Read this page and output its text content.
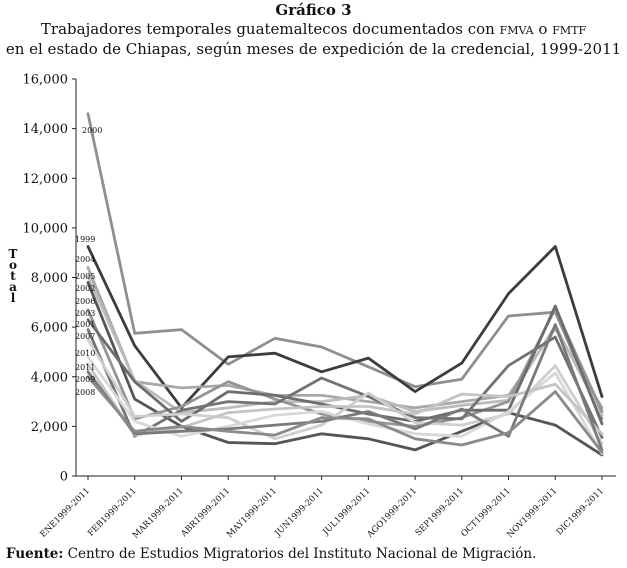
Gráfico 3
Trabajadores temporales guatemaltecos documentados con fmva o fmtf
en el estado de Chiapas, según meses de expedición de la credencial, 1999-2011
0
2,000
4,000
6,000
8,000
10,000
12,000
14,000
16,000
ENE1999-2011
FEB1999-2011
MAR1999-2011
ABR1999-2011
MAY1999-2011
JUN1999-2011
JUL1999-2011
AGO1999-2011
SEP1999-2011
OCT1999-2011
NOV1999-2011
DIC1999-2011
T
o
t
a
l
2000
1999
2004
2005
2002
2006
2003
2001
2007
2010
2011
2009
2008
Fuente: Centro de Estudios Migratorios del Instituto Nacional de Migración.
